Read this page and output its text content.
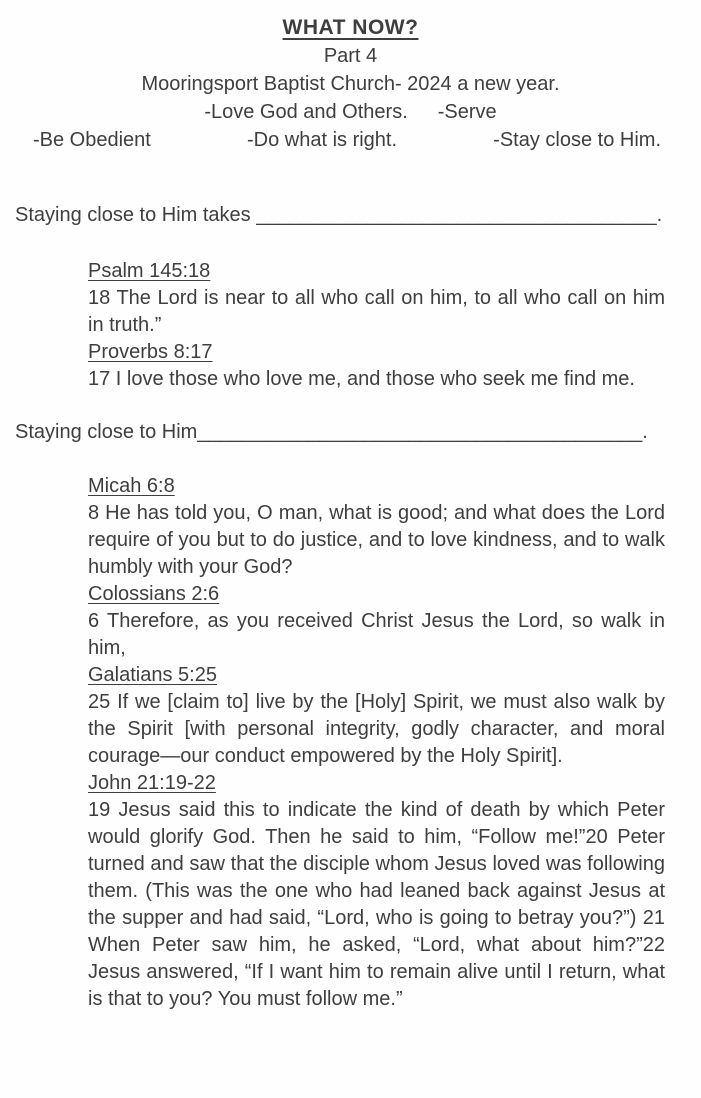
WHAT NOW?
Part 4
Mooringsport Baptist Church- 2024 a new year.
-Love God and Others. -Serve
-Be Obedient	-Do what is right.	-Stay close to Him.
Staying close to Him takes ____________________________________.
Psalm 145:18
18 The Lord is near to all who call on him, to all who call on him in truth.”
Proverbs 8:17
17 I love those who love me, and those who seek me find me.
Staying close to Him________________________________________.
Micah 6:8
8 He has told you, O man, what is good; and what does the Lord require of you but to do justice, and to love kindness, and to walk humbly with your God?
Colossians 2:6
6 Therefore, as you received Christ Jesus the Lord, so walk in him,
Galatians 5:25
25 If we [claim to] live by the [Holy] Spirit, we must also walk by the Spirit [with personal integrity, godly character, and moral courage—our conduct empowered by the Holy Spirit].
John 21:19-22
19 Jesus said this to indicate the kind of death by which Peter would glorify God. Then he said to him, “Follow me!”20 Peter turned and saw that the disciple whom Jesus loved was following them. (This was the one who had leaned back against Jesus at the supper and had said, “Lord, who is going to betray you?”) 21 When Peter saw him, he asked, “Lord, what about him?”22 Jesus answered, “If I want him to remain alive until I return, what is that to you? You must follow me.”
